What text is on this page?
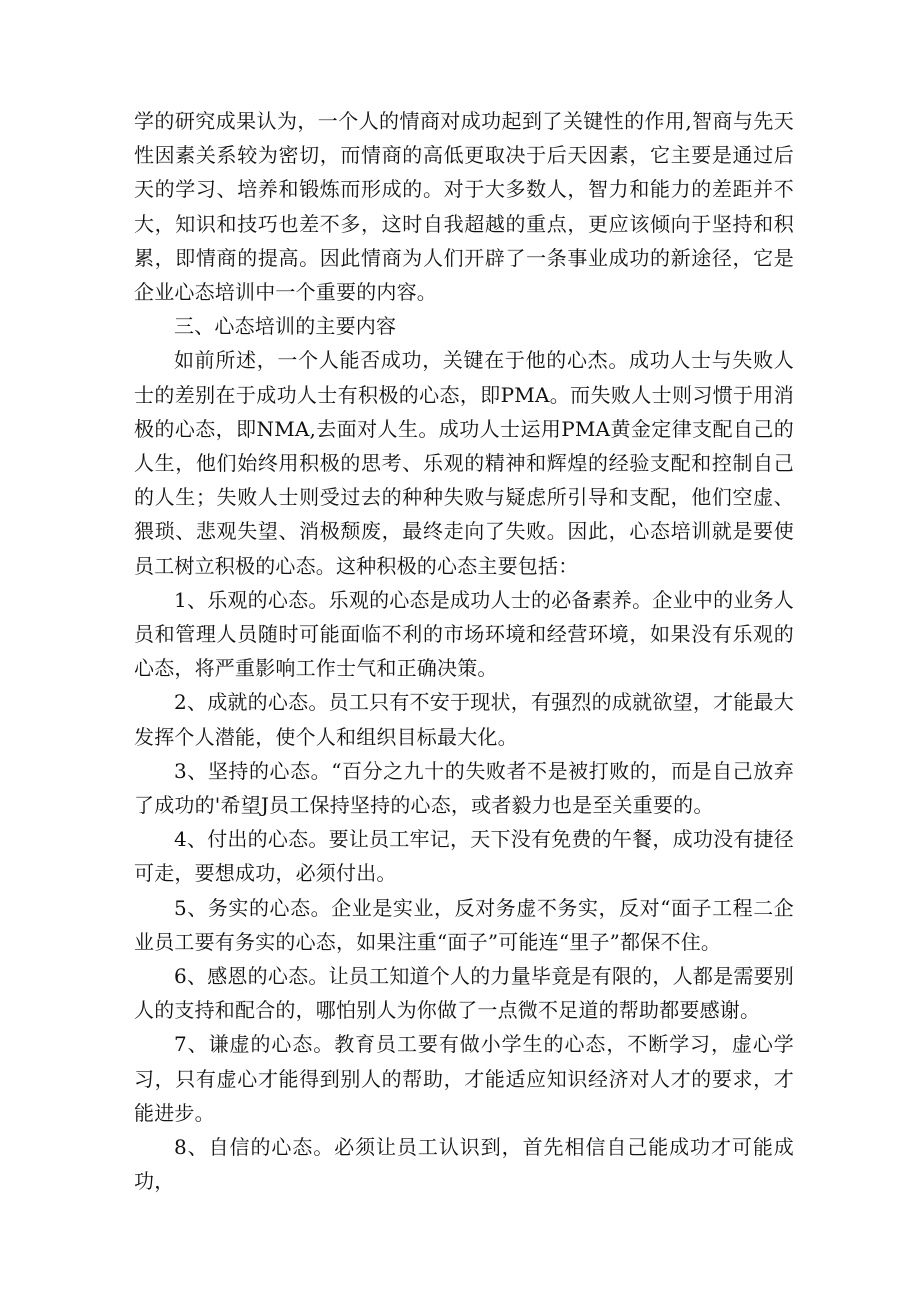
学的研究成果认为，一个人的情商对成功起到了关键性的作用,智商与先天性因素关系较为密切，而情商的高低更取决于后天因素，它主要是通过后天的学习、培养和锻炼而形成的。对于大多数人，智力和能力的差距并不大，知识和技巧也差不多，这时自我超越的重点，更应该倾向于坚持和积累，即情商的提高。因此情商为人们开辟了一条事业成功的新途径，它是企业心态培训中一个重要的内容。

三、心态培训的主要内容

如前所述，一个人能否成功，关键在于他的心杰。成功人士与失败人士的差别在于成功人士有积极的心态，即PMA。而失败人士则习惯于用消极的心态，即NMA,去面对人生。成功人士运用PMA黄金定律支配自己的人生，他们始终用积极的思考、乐观的精神和辉煌的经验支配和控制自己的人生；失败人士则受过去的种种失败与疑虑所引导和支配，他们空虚、猥琐、悲观失望、消极颓废，最终走向了失败。因此，心态培训就是要使员工树立积极的心态。这种积极的心态主要包括：

1、乐观的心态。乐观的心态是成功人士的必备素养。企业中的业务人员和管理人员随时可能面临不利的市场环境和经营环境，如果没有乐观的心态，将严重影响工作士气和正确决策。

2、成就的心态。员工只有不安于现状，有强烈的成就欲望，才能最大发挥个人潜能，使个人和组织目标最大化。

3、坚持的心态。“百分之九十的失败者不是被打败的，而是自己放弃了成功的'希望J员工保持坚持的心态，或者毅力也是至关重要的。

4、付出的心态。要让员工牢记，天下没有免费的午餐，成功没有捷径可走，要想成功，必须付出。

5、务实的心态。企业是实业，反对务虚不务实，反对“面子工程二企业员工要有务实的心态，如果注重“面子”可能连“里子”都保不住。

6、感恩的心态。让员工知道个人的力量毕竟是有限的，人都是需要别人的支持和配合的，哪怕别人为你做了一点微不足道的帮助都要感谢。

7、谦虚的心态。教育员工要有做小学生的心态，不断学习，虚心学习，只有虚心才能得到别人的帮助，才能适应知识经济对人才的要求，才能进步。

8、自信的心态。必须让员工认识到，首先相信自己能成功才可能成功，
